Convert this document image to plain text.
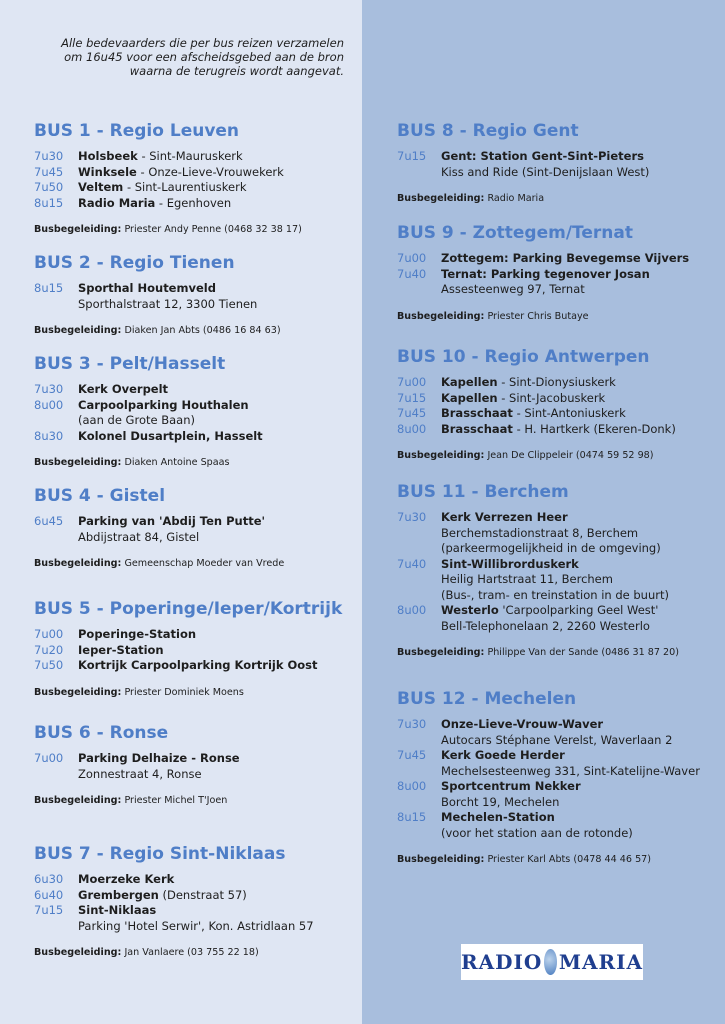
Alle bedevaarders die per bus reizen verzamelen om 16u45 voor een afscheidsgebed aan de bron waarna de terugreis wordt aangevat.
BUS 1 - Regio Leuven
7u30	Holsbeek - Sint-Mauruskerk
7u45	Winksele - Onze-Lieve-Vrouwekerk
7u50	Veltem - Sint-Laurentiuskerk
8u15	Radio Maria - Egenhoven
Busbegeleiding: Priester Andy Penne (0468 32 38 17)
BUS 2 - Regio Tienen
8u15	Sporthal Houtemveld
Sporthalstraat 12, 3300 Tienen
Busbegeleiding: Diaken Jan Abts (0486 16 84 63)
BUS 3 - Pelt/Hasselt
7u30	Kerk Overpelt
8u00	Carpoolparking Houthalen
(aan de Grote Baan)
8u30	Kolonel Dusartplein, Hasselt
Busbegeleiding: Diaken Antoine Spaas
BUS 4 - Gistel
6u45	Parking van 'Abdij Ten Putte'
Abdijstraat 84, Gistel
Busbegeleiding: Gemeenschap Moeder van Vrede
BUS 5 - Poperinge/Ieper/Kortrijk
7u00	Poperinge-Station
7u20	Ieper-Station
7u50	Kortrijk Carpoolparking Kortrijk Oost
Busbegeleiding: Priester Dominiek Moens
BUS 6 - Ronse
7u00	Parking Delhaize - Ronse
Zonnestraat 4, Ronse
Busbegeleiding: Priester Michel T'Joen
BUS 7 - Regio Sint-Niklaas
6u30	Moerzeke Kerk
6u40	Grembergen (Denstraat 57)
7u15	Sint-Niklaas
Parking 'Hotel Serwir', Kon. Astridlaan 57
Busbegeleiding: Jan Vanlaere (03 755 22 18)
BUS 8 - Regio Gent
7u15	Gent: Station Gent-Sint-Pieters
Kiss and Ride (Sint-Denijslaan West)
Busbegeleiding: Radio Maria
BUS 9 - Zottegem/Ternat
7u00	Zottegem: Parking Bevegemse Vijvers
7u40	Ternat: Parking tegenover Josan
Assesteenweg 97, Ternat
Busbegeleiding: Priester Chris Butaye
BUS 10 - Regio Antwerpen
7u00	Kapellen - Sint-Dionysiuskerk
7u15	Kapellen - Sint-Jacobuskerk
7u45	Brasschaat - Sint-Antoniuskerk
8u00	Brasschaat - H. Hartkerk (Ekeren-Donk)
Busbegeleiding: Jean De Clippeleir (0474 59 52 98)
BUS 11 - Berchem
7u30	Kerk Verrezen Heer
Berchemstadionstraat 8, Berchem
(parkeermogelijkheid in de omgeving)
7u40	Sint-Willibrorduskerk
Heilig Hartstraat 11, Berchem
(Bus-, tram- en treinstation in de buurt)
8u00	Westerlo 'Carpoolparking Geel West'
Bell-Telephonelaan 2, 2260 Westerlo
Busbegeleiding: Philippe Van der Sande (0486 31 87 20)
BUS 12 - Mechelen
7u30	Onze-Lieve-Vrouw-Waver
Autocars Stéphane Verelst, Waverlaan 2
7u45	Kerk Goede Herder
Mechelsesteenweg 331, Sint-Katelijne-Waver
8u00	Sportcentrum Nekker
Borcht 19, Mechelen
8u15	Mechelen-Station
(voor het station aan de rotonde)
Busbegeleiding: Priester Karl Abts (0478 44 46 57)
RADIO MARIA
